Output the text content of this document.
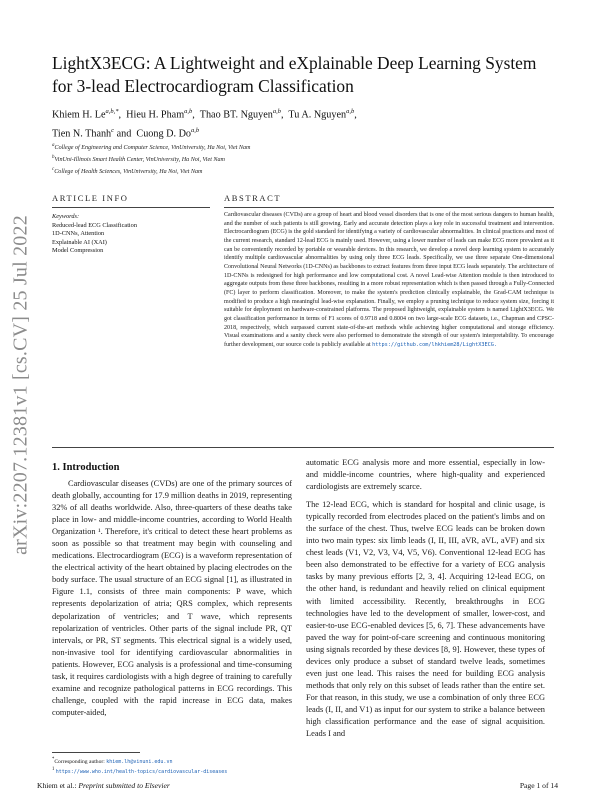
arXiv:2207.12381v1 [cs.CV] 25 Jul 2022
LightX3ECG: A Lightweight and eXplainable Deep Learning System for 3-lead Electrocardiogram Classification
Khiem H. $Le^{a,b,*}$, Hieu H. Pham$^{a,b}$, Thao BT. Nguyen$^{a,b}$, Tu A. Nguyen$^{a,b}$,
Tien N. Thanh$^c$ and Cuong D. Do$^{a,b}$
$^a$College of Engineering and Computer Science, VinUniversity, Ha Noi, Viet Nam
$^b$VinUni-Illinois Smart Health Center, VinUniversity, Ha Noi, Viet Nam
$^c$College of Health Sciences, VinUniversity, Ha Noi, Viet Nam
ARTICLE INFO
Keywords:
Reduced-lead ECG Classification
1D-CNNs, Attention
Explainable AI (XAI)
Model Compression
ABSTRACT
Cardiovascular diseases (CVDs) are a group of heart and blood vessel disorders that is one of the most serious dangers to human health, and the number of such patients is still growing. Early and accurate detection plays a key role in successful treatment and intervention. Electrocardiogram (ECG) is the gold standard for identifying a variety of cardiovascular abnormalities. In clinical practices and most of the current research, standard 12-lead ECG is mainly used. However, using a lower number of leads can make ECG more prevalent as it can be conveniently recorded by portable or wearable devices. In this research, we develop a novel deep learning system to accurately identify multiple cardiovascular abnormalities by using only three ECG leads. Specifically, we use three separate One-dimensional Convolutional Neural Networks (1D-CNNs) as backbones to extract features from three input ECG leads separately. The architecture of 1D-CNNs is redesigned for high performance and low computational cost. A novel Lead-wise Attention module is then introduced to aggregate outputs from these three backbones, resulting in a more robust representation which is then passed through a Fully-Connected (FC) layer to perform classification. Moreover, to make the system's prediction clinically explainable, the Grad-CAM technique is modified to produce a high meaningful lead-wise explanation. Finally, we employ a pruning technique to reduce system size, forcing it suitable for deployment on hardware-constrained platforms. The proposed lightweight, explainable system is named LightX3ECG. We got classification performance in terms of F1 scores of 0.9718 and 0.8004 on two large-scale ECG datasets, i.e., Chapman and CPSC-2018, respectively, which surpassed current state-of-the-art methods while achieving higher computational and storage efficiency. Visual examinations and a sanity check were also performed to demonstrate the strength of our system's interpretability. To encourage further development, our source code is publicly available at https://github.com/lhkhiem28/LightX3ECG.
1. Introduction

Cardiovascular diseases (CVDs) are one of the primary sources of death globally, accounting for 17.9 million deaths in 2019, representing 32% of all deaths worldwide. Also, three-quarters of these deaths take place in low- and middle-income countries, according to World Health Organization ¹. Therefore, it's critical to detect these heart problems as soon as possible so that treatment may begin with counseling and medications. Electrocardiogram (ECG) is a waveform representation of the electrical activity of the heart obtained by placing electrodes on the body surface. The usual structure of an ECG signal [1], as illustrated in Figure 1.1, consists of three main components: P wave, which represents depolarization of atria; QRS complex, which represents depolarization of ventricles; and T wave, which represents repolarization of ventricles. Other parts of the signal include PR, QT intervals, or PR, ST segments. This electrical signal is a widely used, non-invasive tool for identifying cardiovascular abnormalities in patients. However, ECG analysis is a professional and time-consuming task, it requires cardiologists with a high degree of training to carefully examine and recognize pathological patterns in ECG recordings. This challenge, coupled with the rapid increase in ECG data, makes computer-aided,

automatic ECG analysis more and more essential, especially in low- and middle-income countries, where high-quality and experienced cardiologists are extremely scarce.

The 12-lead ECG, which is standard for hospital and clinic usage, is typically recorded from electrodes placed on the patient's limbs and on the surface of the chest. Thus, twelve ECG leads can be broken down into two main types: six limb leads (I, II, III, aVR, aVL, aVF) and six chest leads (V1, V2, V3, V4, V5, V6). Conventional 12-lead ECG has been also demonstrated to be effective for a variety of ECG analysis tasks by many previous efforts [2, 3, 4]. Acquiring 12-lead ECG, on the other hand, is redundant and heavily relied on clinical equipment with limited accessibility. Recently, breakthroughs in ECG technologies have led to the development of smaller, lower-cost, and easier-to-use ECG-enabled devices [5, 6, 7]. These advancements have paved the way for point-of-care screening and continuous monitoring using signals recorded by these devices [8, 9]. However, these types of devices only produce a subset of standard twelve leads, sometimes even just one lead. This raises the need for building ECG analysis methods that only rely on this subset of leads rather than the entire set. For that reason, in this study, we use a combination of only three ECG leads (I, II, and V1) as input for our system to strike a balance between high classification performance and the ease of signal acquisition. Leads I and

*Corresponding author: khiem.lh@vinuni.edu.vn
$^1$ https://www.who.int/health-topics/cardiovascular-diseases
Khiem et al.: Preprint submitted to Elsevier	Page 1 of 14
